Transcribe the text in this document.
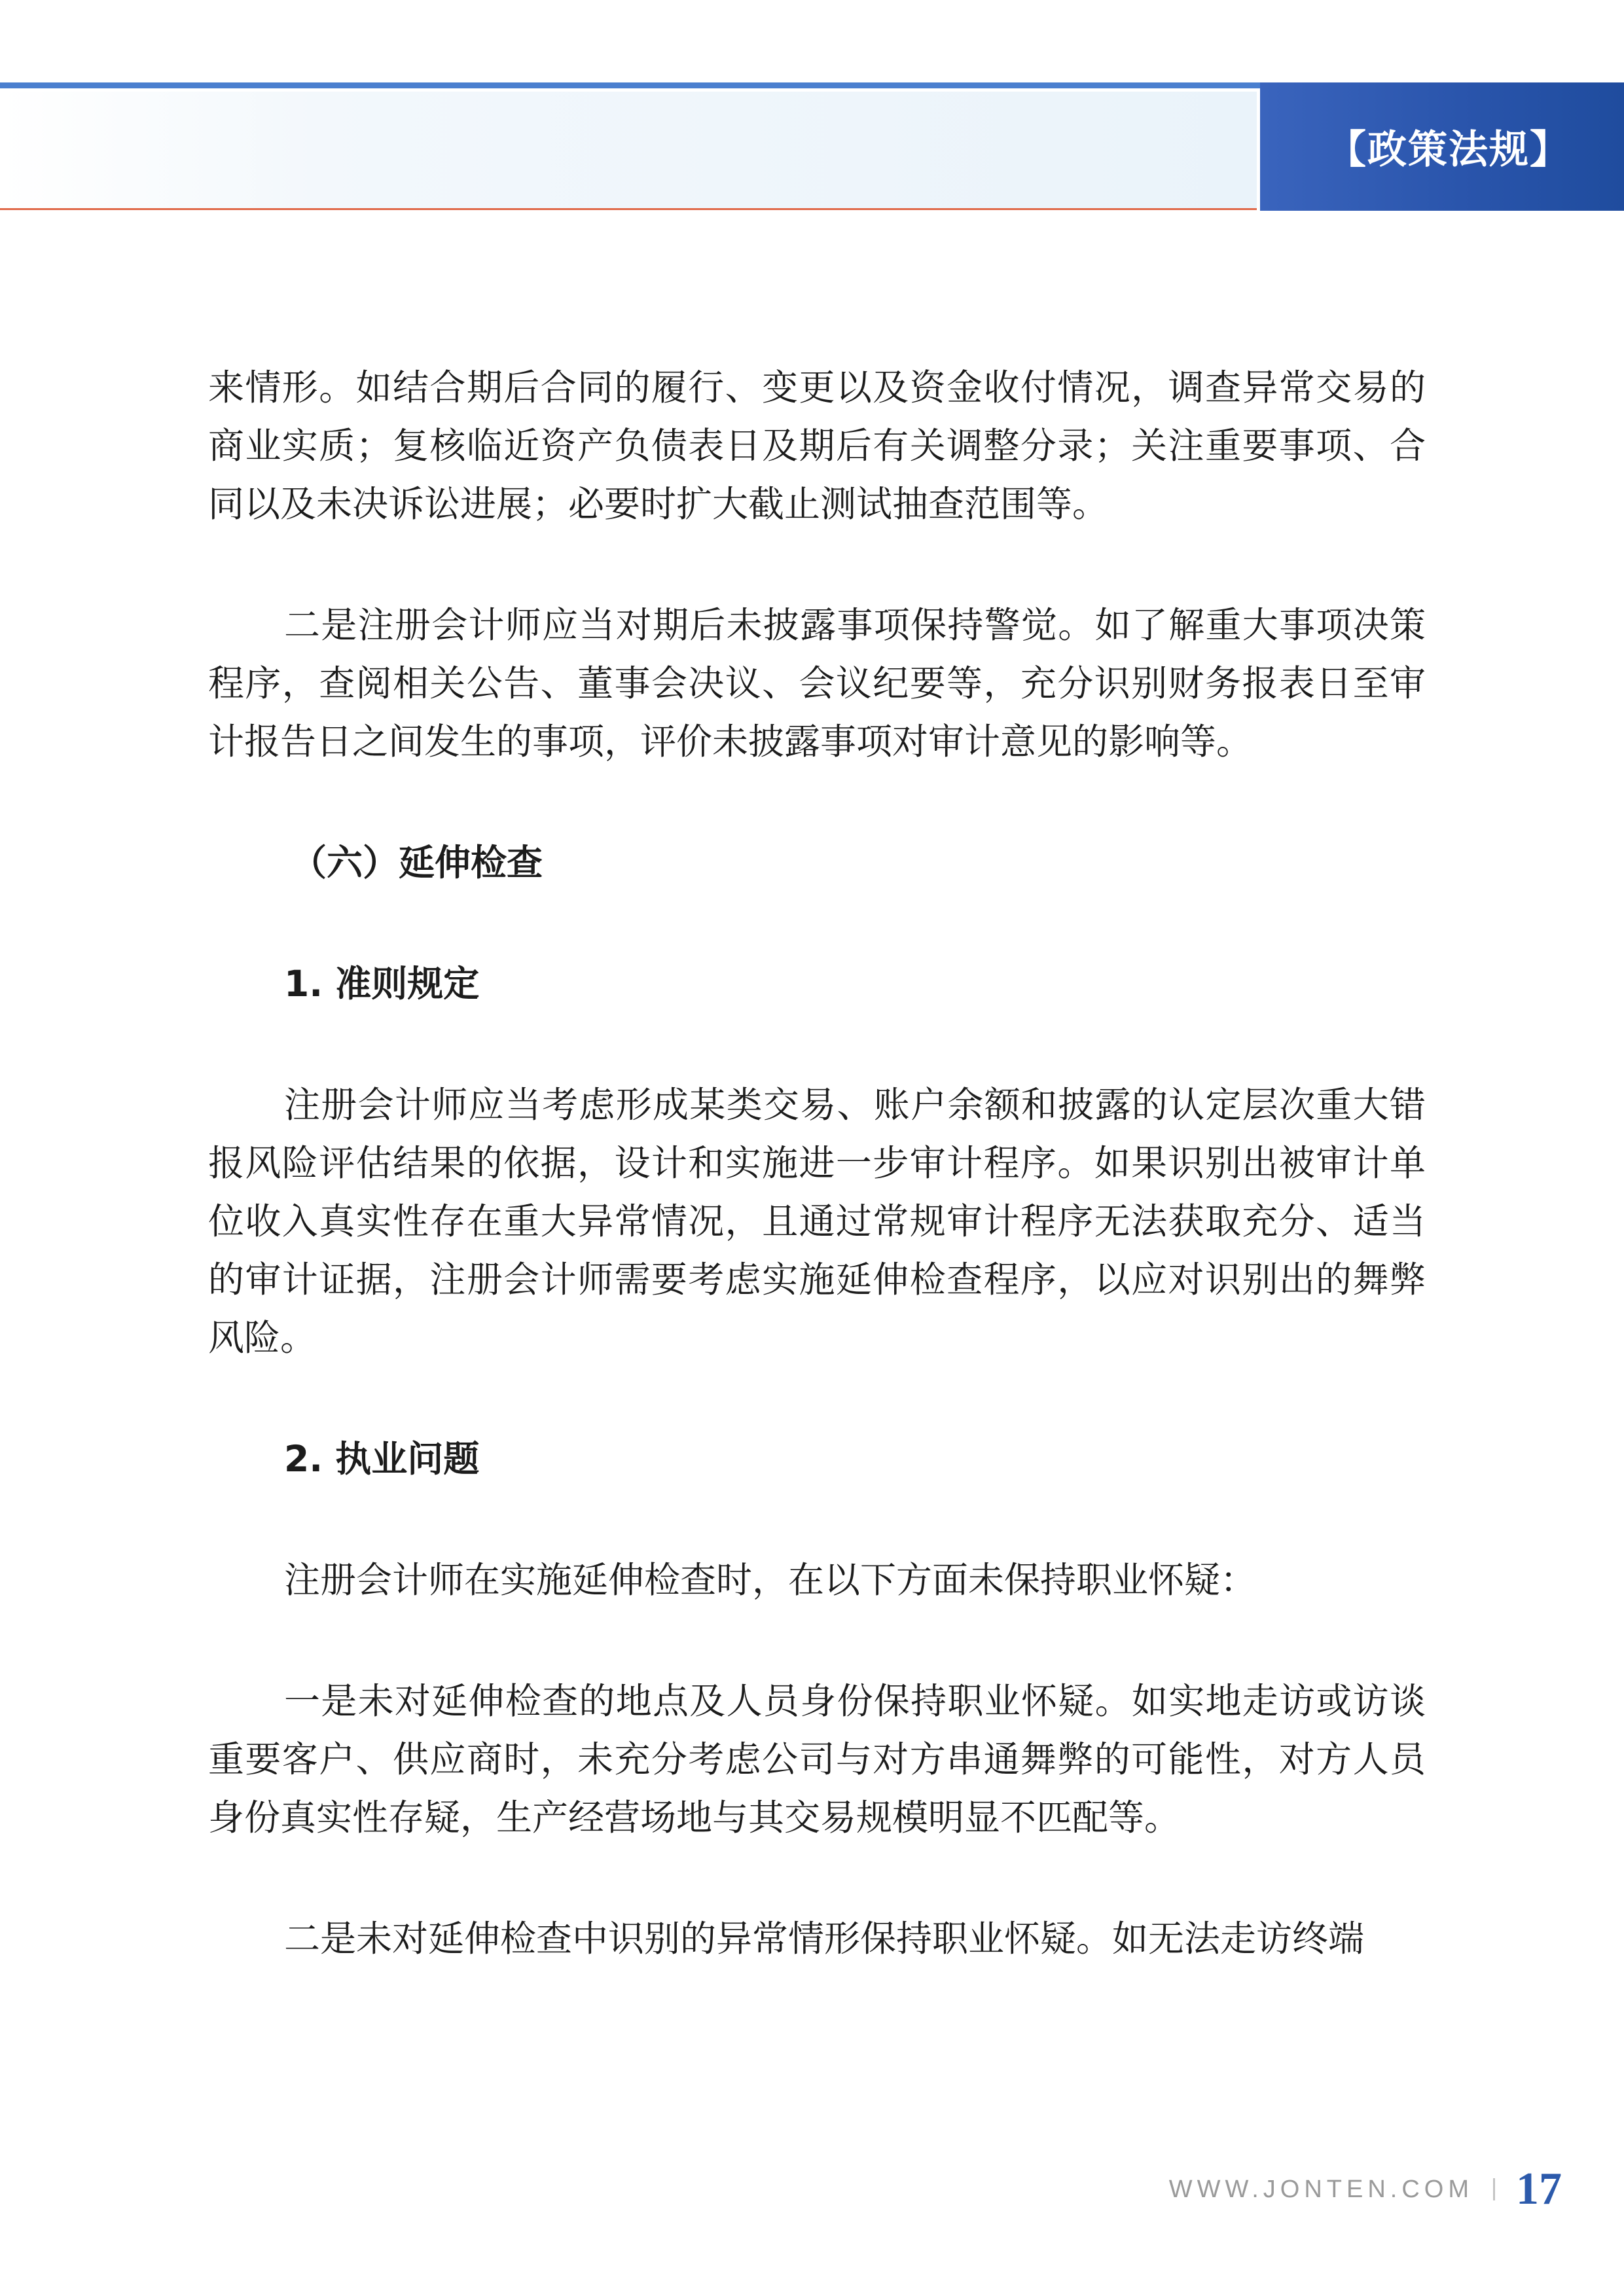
【政策法规】

来情形。如结合期后合同的履行、变更以及资金收付情况，调查异常交易的商业实质；复核临近资产负债表日及期后有关调整分录；关注重要事项、合同以及未决诉讼进展；必要时扩大截止测试抽查范围等。

二是注册会计师应当对期后未披露事项保持警觉。如了解重大事项决策程序，查阅相关公告、董事会决议、会议纪要等，充分识别财务报表日至审计报告日之间发生的事项，评价未披露事项对审计意见的影响等。

（六）延伸检查

1. 准则规定

注册会计师应当考虑形成某类交易、账户余额和披露的认定层次重大错报风险评估结果的依据，设计和实施进一步审计程序。如果识别出被审计单位收入真实性存在重大异常情况，且通过常规审计程序无法获取充分、适当的审计证据，注册会计师需要考虑实施延伸检查程序，以应对识别出的舞弊风险。

2. 执业问题

注册会计师在实施延伸检查时，在以下方面未保持职业怀疑：

一是未对延伸检查的地点及人员身份保持职业怀疑。如实地走访或访谈重要客户、供应商时，未充分考虑公司与对方串通舞弊的可能性，对方人员身份真实性存疑，生产经营场地与其交易规模明显不匹配等。

二是未对延伸检查中识别的异常情形保持职业怀疑。如无法走访终端

WWW.JONTEN.COM 17
